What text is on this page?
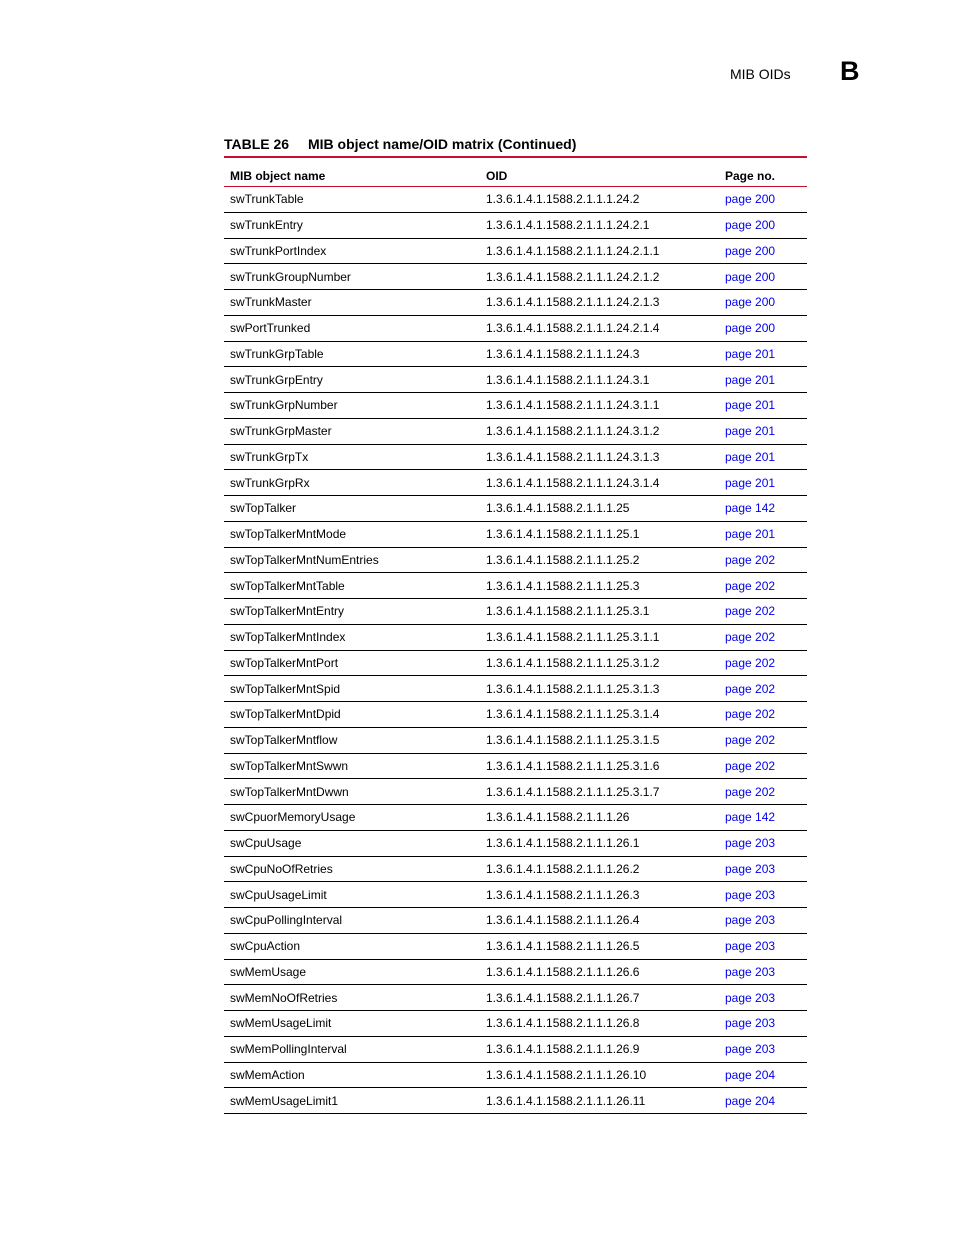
MIB OIDs B
TABLE 26 MIB object name/OID matrix (Continued)
MIB object name	OID	Page no.
swTrunkTable	1.3.6.1.4.1.1588.2.1.1.1.24.2	page 200
swTrunkEntry	1.3.6.1.4.1.1588.2.1.1.1.24.2.1	page 200
swTrunkPortIndex	1.3.6.1.4.1.1588.2.1.1.1.24.2.1.1	page 200
swTrunkGroupNumber	1.3.6.1.4.1.1588.2.1.1.1.24.2.1.2	page 200
swTrunkMaster	1.3.6.1.4.1.1588.2.1.1.1.24.2.1.3	page 200
swPortTrunked	1.3.6.1.4.1.1588.2.1.1.1.24.2.1.4	page 200
swTrunkGrpTable	1.3.6.1.4.1.1588.2.1.1.1.24.3	page 201
swTrunkGrpEntry	1.3.6.1.4.1.1588.2.1.1.1.24.3.1	page 201
swTrunkGrpNumber	1.3.6.1.4.1.1588.2.1.1.1.24.3.1.1	page 201
swTrunkGrpMaster	1.3.6.1.4.1.1588.2.1.1.1.24.3.1.2	page 201
swTrunkGrpTx	1.3.6.1.4.1.1588.2.1.1.1.24.3.1.3	page 201
swTrunkGrpRx	1.3.6.1.4.1.1588.2.1.1.1.24.3.1.4	page 201
swTopTalker	1.3.6.1.4.1.1588.2.1.1.1.25	page 142
swTopTalkerMntMode	1.3.6.1.4.1.1588.2.1.1.1.25.1	page 201
swTopTalkerMntNumEntries	1.3.6.1.4.1.1588.2.1.1.1.25.2	page 202
swTopTalkerMntTable	1.3.6.1.4.1.1588.2.1.1.1.25.3	page 202
swTopTalkerMntEntry	1.3.6.1.4.1.1588.2.1.1.1.25.3.1	page 202
swTopTalkerMntIndex	1.3.6.1.4.1.1588.2.1.1.1.25.3.1.1	page 202
swTopTalkerMntPort	1.3.6.1.4.1.1588.2.1.1.1.25.3.1.2	page 202
swTopTalkerMntSpid	1.3.6.1.4.1.1588.2.1.1.1.25.3.1.3	page 202
swTopTalkerMntDpid	1.3.6.1.4.1.1588.2.1.1.1.25.3.1.4	page 202
swTopTalkerMntflow	1.3.6.1.4.1.1588.2.1.1.1.25.3.1.5	page 202
swTopTalkerMntSwwn	1.3.6.1.4.1.1588.2.1.1.1.25.3.1.6	page 202
swTopTalkerMntDwwn	1.3.6.1.4.1.1588.2.1.1.1.25.3.1.7	page 202
swCpuorMemoryUsage	1.3.6.1.4.1.1588.2.1.1.1.26	page 142
swCpuUsage	1.3.6.1.4.1.1588.2.1.1.1.26.1	page 203
swCpuNoOfRetries	1.3.6.1.4.1.1588.2.1.1.1.26.2	page 203
swCpuUsageLimit	1.3.6.1.4.1.1588.2.1.1.1.26.3	page 203
swCpuPollingInterval	1.3.6.1.4.1.1588.2.1.1.1.26.4	page 203
swCpuAction	1.3.6.1.4.1.1588.2.1.1.1.26.5	page 203
swMemUsage	1.3.6.1.4.1.1588.2.1.1.1.26.6	page 203
swMemNoOfRetries	1.3.6.1.4.1.1588.2.1.1.1.26.7	page 203
swMemUsageLimit	1.3.6.1.4.1.1588.2.1.1.1.26.8	page 203
swMemPollingInterval	1.3.6.1.4.1.1588.2.1.1.1.26.9	page 203
swMemAction	1.3.6.1.4.1.1588.2.1.1.1.26.10	page 204
swMemUsageLimit1	1.3.6.1.4.1.1588.2.1.1.1.26.11	page 204
